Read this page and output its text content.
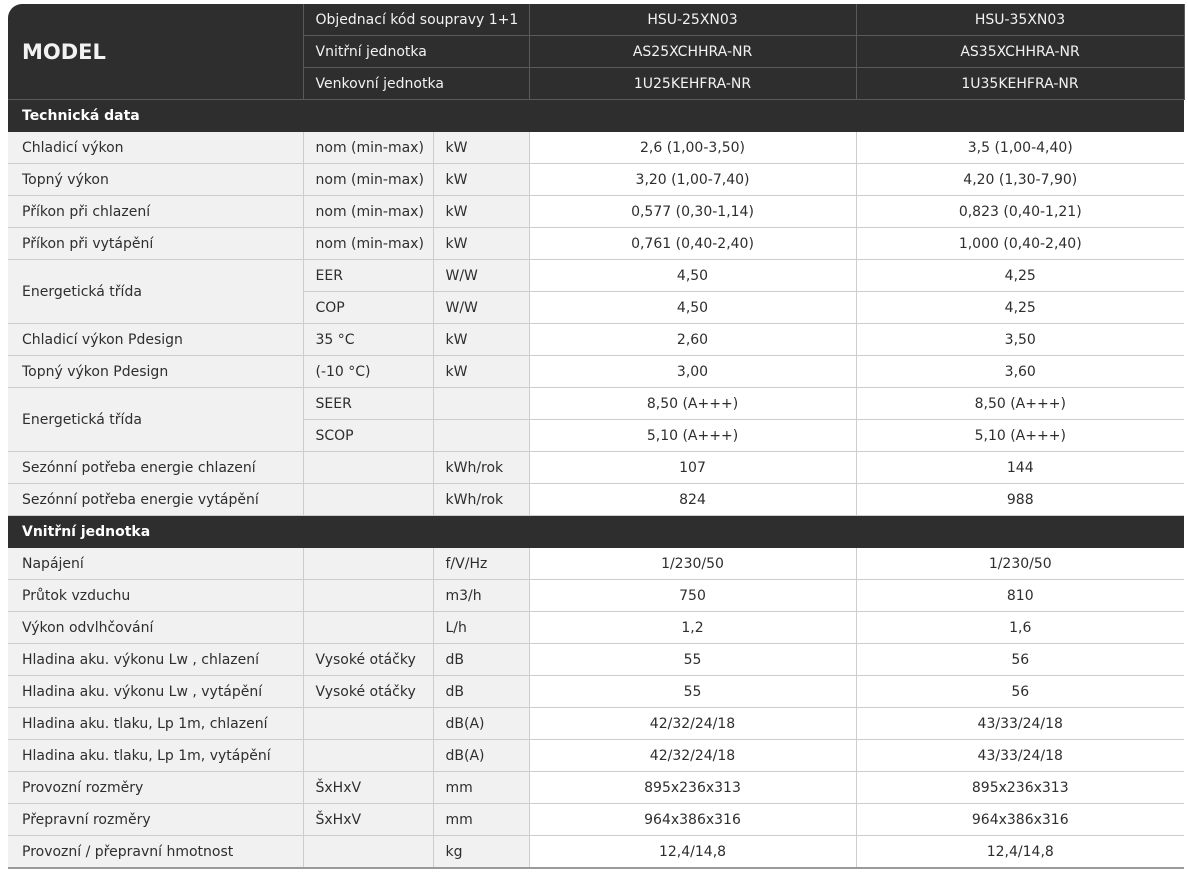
MODEL	Objednací kód soupravy 1+1		HSU-25XN03	HSU-35XN03
	Vnitřní jednotka		AS25XCHHRA-NR	AS35XCHHRA-NR
	Venkovní jednotka		1U25KEHFRA-NR	1U35KEHFRA-NR
Technická data				
Chladicí výkon	nom (min-max)	kW	2,6 (1,00-3,50)	3,5 (1,00-4,40)
Topný výkon	nom (min-max)	kW	3,20 (1,00-7,40)	4,20 (1,30-7,90)
Příkon při chlazení	nom (min-max)	kW	0,577 (0,30-1,14)	0,823 (0,40-1,21)
Příkon při vytápění	nom (min-max)	kW	0,761 (0,40-2,40)	1,000 (0,40-2,40)
Energetická třída	EER	W/W	4,50	4,25
	COP	W/W	4,50	4,25
Chladicí výkon Pdesign	35 °C	kW	2,60	3,50
Topný výkon Pdesign	(-10 °C)	kW	3,00	3,60
Energetická třída	SEER		8,50 (A+++)	8,50 (A+++)
	SCOP		5,10 (A+++)	5,10 (A+++)
Sezónní potřeba energie chlazení		kWh/rok	107	144
Sezónní potřeba energie vytápění		kWh/rok	824	988
Vnitřní jednotka				
Napájení		f/V/Hz	1/230/50	1/230/50
Průtok vzduchu		m3/h	750	810
Výkon odvlhčování		L/h	1,2	1,6
Hladina aku. výkonu Lw , chlazení	Vysoké otáčky	dB	55	56
Hladina aku. výkonu Lw , vytápění	Vysoké otáčky	dB	55	56
Hladina aku. tlaku, Lp 1m, chlazení		dB(A)	42/32/24/18	43/33/24/18
Hladina aku. tlaku, Lp 1m, vytápění		dB(A)	42/32/24/18	43/33/24/18
Provozní rozměry	ŠxHxV	mm	895x236x313	895x236x313
Přepravní rozměry	ŠxHxV	mm	964x386x316	964x386x316
Provozní / přepravní hmotnost		kg	12,4/14,8	12,4/14,8
